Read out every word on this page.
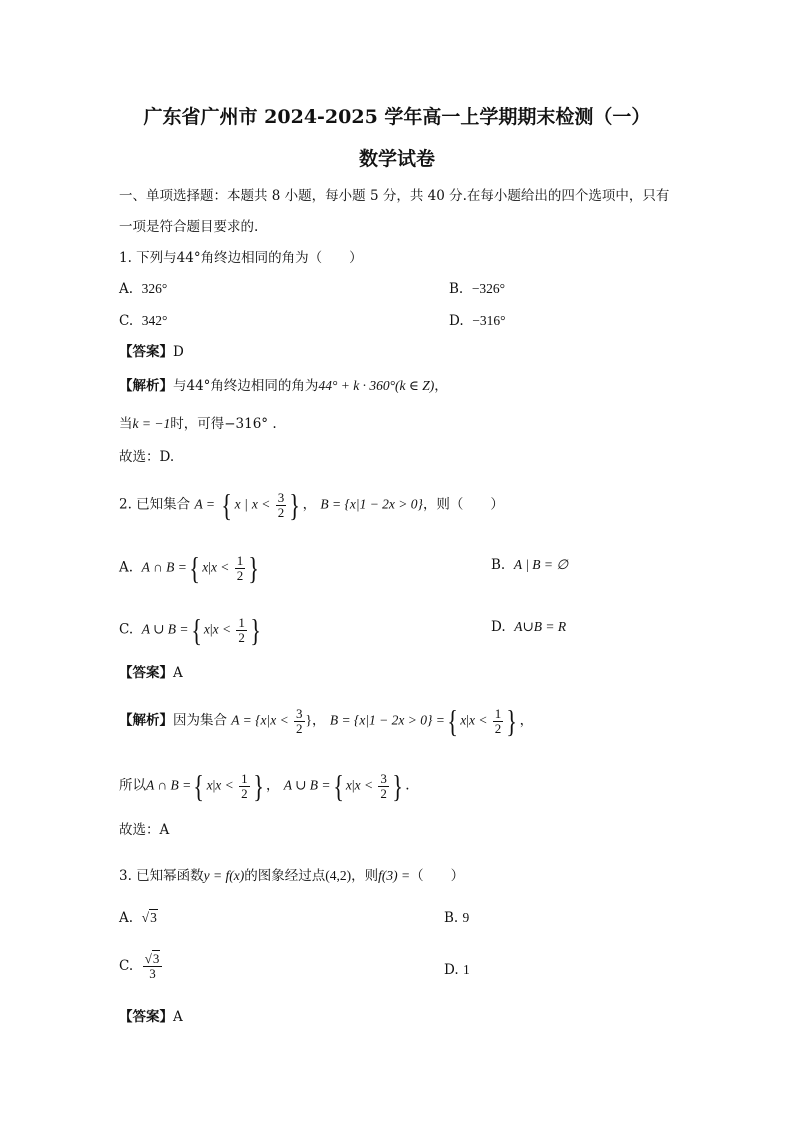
广东省广州市 2024-2025 学年高一上学期期末检测（一）
数学试卷
一、单项选择题：本题共 8 小题，每小题 5 分，共 40 分.在每小题给出的四个选项中，只有
一项是符合题目要求的.
1. 下列与44°角终边相同的角为（　　）
A. 326°	B. −326°
C. 342°	D. −316°
【答案】D
【解析】与44°角终边相同的角为44° + k · 360°(k ∈ Z)，
当k = −1时，可得−316° .
故选：D.
2. 已知集合 A = { x | $x < \frac{3}{2}$ } ， B = {x|1 − 2x > 0}，则（　　）
A. A ∩ B ={ $x|x < \frac{1}{2}$ }	B. A | B = ∅
C. A ∪ B ={ $x|x < \frac{1}{2}$ }	D. A∪B = R
【答案】A
【解析】因为集合 $A = \{x|x < \frac{3}{2}$ }， B = {x|1 − 2x > 0} ={ $x|x < \frac{1}{2}$ } ，
所以A ∩ B ={ $x|x < \frac{1}{2}$ } ， A ∪ B ={ $x|x < \frac{3}{2}$ } .
故选：A
3. 已知幂函数y = f(x)的图象经过点(4,2)，则f(3) =（　　）
A. √3	B. 9
C. $\frac{√3}{3}$	D. 1
【答案】A
